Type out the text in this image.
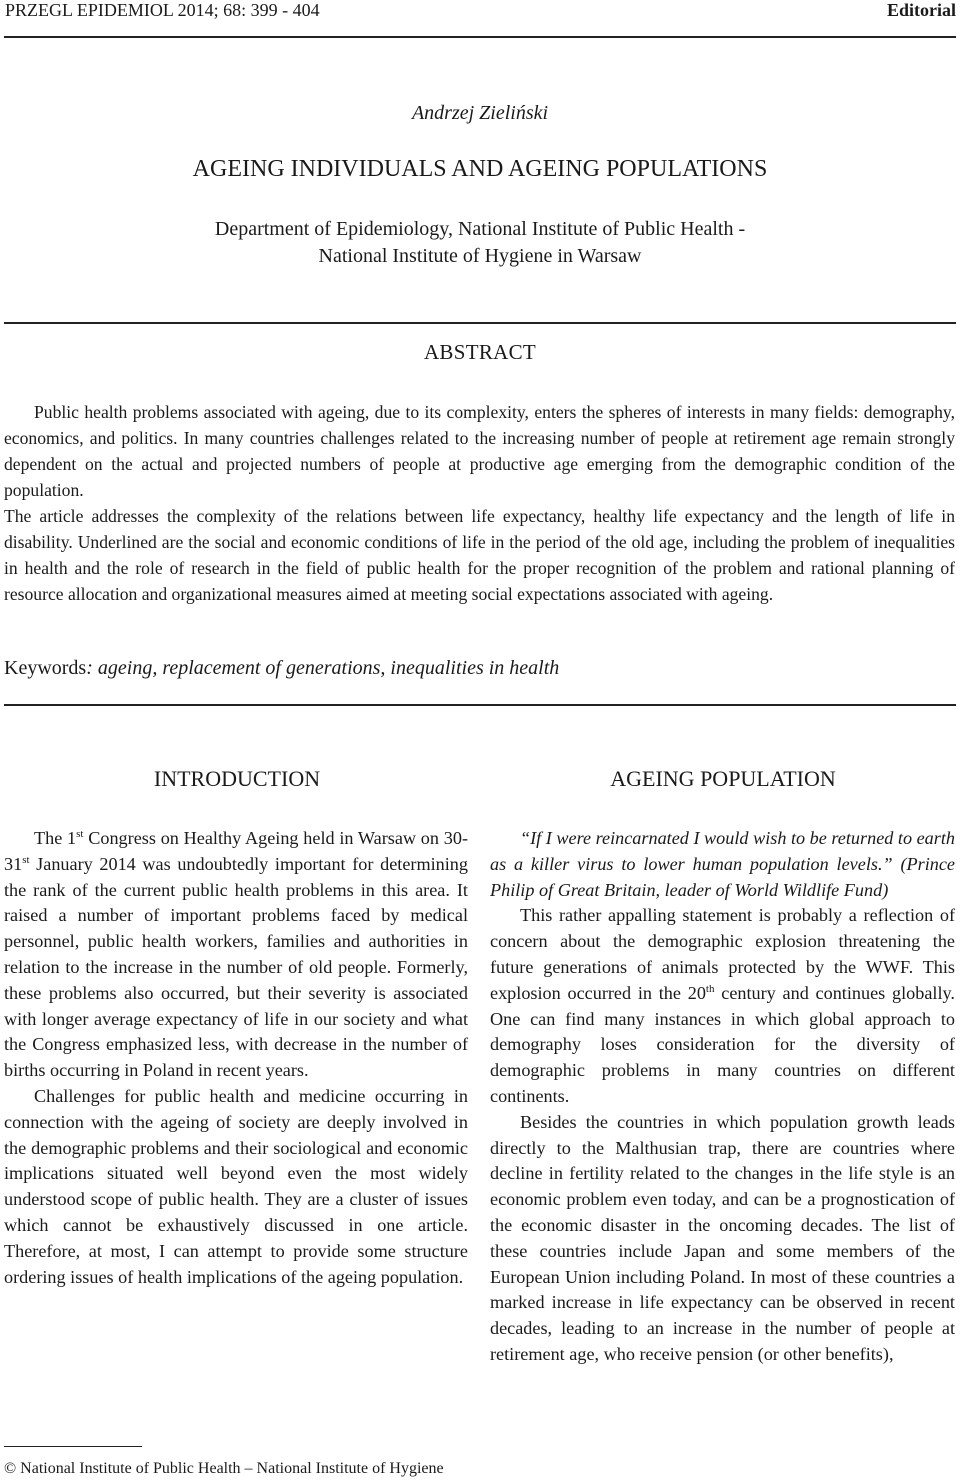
PRZEGL EPIDEMIOL 2014; 68: 399 - 404	Editorial
Andrzej Zieliński
AGEING INDIVIDUALS AND AGEING POPULATIONS
Department of Epidemiology, National Institute of Public Health -
National Institute of Hygiene in Warsaw
ABSTRACT

Public health problems associated with ageing, due to its complexity, enters the spheres of interests in many fields: demography, economics, and politics. In many countries challenges related to the increasing number of people at retirement age remain strongly dependent on the actual and projected numbers of people at productive age emerging from the demographic condition of the population.

The article addresses the complexity of the relations between life expectancy, healthy life expectancy and the length of life in disability. Underlined are the social and economic conditions of life in the period of the old age, including the problem of inequalities in health and the role of research in the field of public health for the proper recognition of the problem and rational planning of resource allocation and organizational measures aimed at meeting social expectations associated with ageing.

Keywords: ageing, replacement of generations, inequalities in health
INTRODUCTION

The 1st Congress on Healthy Ageing held in Warsaw on 30-31st January 2014 was undoubtedly important for determining the rank of the current public health problems in this area. It raised a number of important problems faced by medical personnel, public health workers, families and authorities in relation to the increase in the number of old people. Formerly, these problems also occurred, but their severity is associated with longer average expectancy of life in our society and what the Congress emphasized less, with decrease in the number of births occurring in Poland in recent years.

Challenges for public health and medicine occurring in connection with the ageing of society are deeply involved in the demographic problems and their sociological and economic implications situated well beyond even the most widely understood scope of public health. They are a cluster of issues which cannot be exhaustively discussed in one article. Therefore, at most, I can attempt to provide some structure ordering issues of health implications of the ageing population.

AGEING POPULATION

“If I were reincarnated I would wish to be returned to earth as a killer virus to lower human population levels.” (Prince Philip of Great Britain, leader of World Wildlife Fund)

This rather appalling statement is probably a reflection of concern about the demographic explosion threatening the future generations of animals protected by the WWF. This explosion occurred in the 20th century and continues globally. One can find many instances in which global approach to demography loses consideration for the diversity of demographic problems in many countries on different continents.

Besides the countries in which population growth leads directly to the Malthusian trap, there are countries where decline in fertility related to the changes in the life style is an economic problem even today, and can be a prognostication of the economic disaster in the oncoming decades. The list of these countries include Japan and some members of the European Union including Poland. In most of these countries a marked increase in life expectancy can be observed in recent decades, leading to an increase in the number of people at retirement age, who receive pension (or other benefits),

© National Institute of Public Health – National Institute of Hygiene
